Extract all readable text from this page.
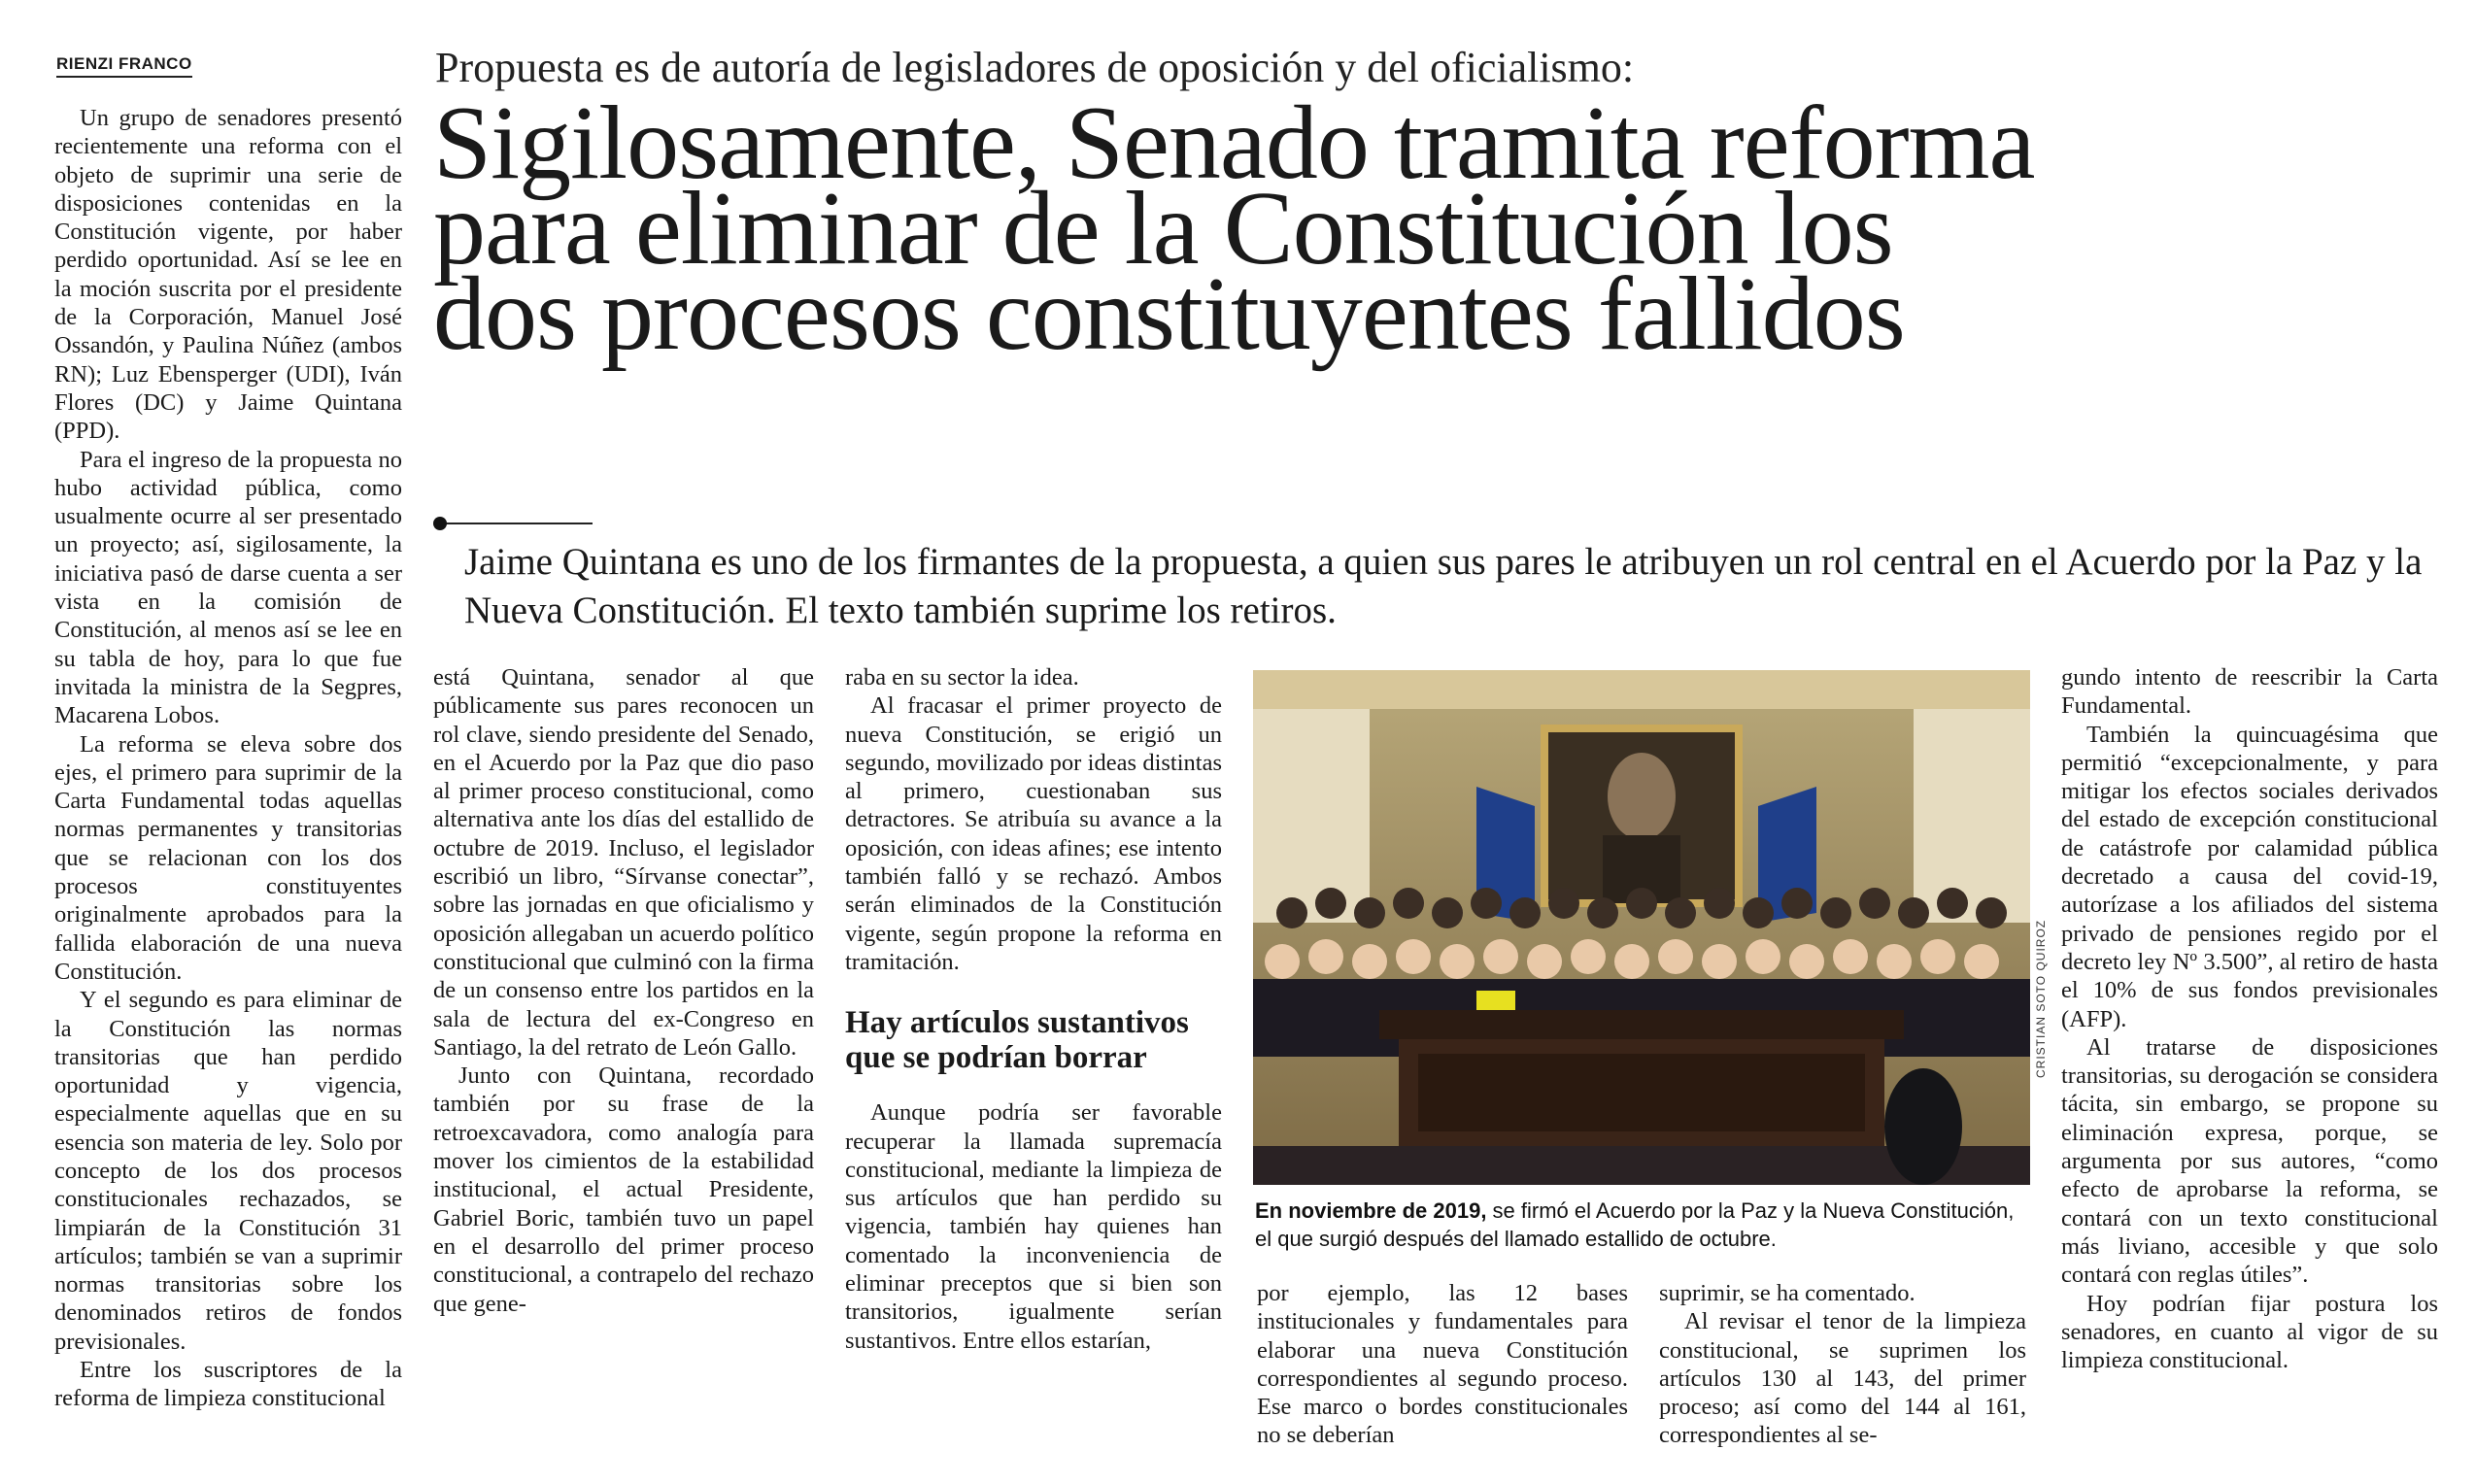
RIENZI FRANCO	Propuesta es de autoría de legisladores de oposición y del oficialismo:
Sigilosamente, Senado tramita reforma
para eliminar de la Constitución los
dos procesos constituyentes fallidos
Jaime Quintana es uno de los firmantes de la propuesta, a quien sus pares le atribuyen un rol central en el Acuerdo por la Paz y la Nueva Constitución. El texto también suprime los retiros.

Un grupo de senadores presentó recientemente una reforma con el objeto de suprimir una serie de disposiciones contenidas en la Constitución vigente, por haber perdido oportunidad. Así se lee en la moción suscrita por el presidente de la Corporación, Manuel José Ossandón, y Paulina Núñez (ambos RN); Luz Ebensperger (UDI), Iván Flores (DC) y Jaime Quintana (PPD).

Para el ingreso de la propuesta no hubo actividad pública, como usualmente ocurre al ser presentado un proyecto; así, sigilosamente, la iniciativa pasó de darse cuenta a ser vista en la comisión de Constitución, al menos así se lee en su tabla de hoy, para lo que fue invitada la ministra de la Segpres, Macarena Lobos.

La reforma se eleva sobre dos ejes, el primero para suprimir de la Carta Fundamental todas aquellas normas permanentes y transitorias que se relacionan con los dos procesos constituyentes originalmente aprobados para la fallida elaboración de una nueva Constitución.

Y el segundo es para eliminar de la Constitución las normas transitorias que han perdido oportunidad y vigencia, especialmente aquellas que en su esencia son materia de ley. Solo por concepto de los dos procesos constitucionales rechazados, se limpiarán de la Constitución 31 artículos; también se van a suprimir normas transitorias sobre los denominados retiros de fondos previsionales.

Entre los suscriptores de la reforma de limpieza constitucional

está Quintana, senador al que públicamente sus pares reconocen un rol clave, siendo presidente del Senado, en el Acuerdo por la Paz que dio paso al primer proceso constitucional, como alternativa ante los días del estallido de octubre de 2019. Incluso, el legislador escribió un libro, “Sírvanse conectar”, sobre las jornadas en que oficialismo y oposición allegaban un acuerdo político constitucional que culminó con la firma de un consenso entre los partidos en la sala de lectura del ex-Congreso en Santiago, la del retrato de León Gallo.

Junto con Quintana, recordado también por su frase de la retroexcavadora, como analogía para mover los cimientos de la estabilidad institucional, el actual Presidente, Gabriel Boric, también tuvo un papel en el desarrollo del primer proceso constitucional, a contrapelo del rechazo que gene-

raba en su sector la idea.

Al fracasar el primer proyecto de nueva Constitución, se erigió un segundo, movilizado por ideas distintas al primero, cuestionaban sus detractores. Se atribuía su avance a la oposición, con ideas afines; ese intento también falló y se rechazó. Ambos serán eliminados de la Constitución vigente, según propone la reforma en tramitación.

Hay artículos sustantivos que se podrían borrar

Aunque podría ser favorable recuperar la llamada supremacía constitucional, mediante la limpieza de sus artículos que han perdido su vigencia, también hay quienes han comentado la inconveniencia de eliminar preceptos que si bien son transitorios, igualmente serían sustantivos. Entre ellos estarían,

CRISTIAN SOTO QUIROZ
En noviembre de 2019, se firmó el Acuerdo por la Paz y la Nueva Constitución, el que surgió después del llamado estallido de octubre.

por ejemplo, las 12 bases institucionales y fundamentales para elaborar una nueva Constitución correspondientes al segundo proceso. Ese marco o bordes constitucionales no se deberían

suprimir, se ha comentado.

Al revisar el tenor de la limpieza constitucional, se suprimen los artículos 130 al 143, del primer proceso; así como del 144 al 161, correspondientes al se-

gundo intento de reescribir la Carta Fundamental.

También la quincuagésima que permitió “excepcionalmente, y para mitigar los efectos sociales derivados del estado de excepción constitucional de catástrofe por calamidad pública decretado a causa del covid-19, autorízase a los afiliados del sistema privado de pensiones regido por el decreto ley Nº 3.500”, al retiro de hasta el 10% de sus fondos previsionales (AFP).

Al tratarse de disposiciones transitorias, su derogación se considera tácita, sin embargo, se propone su eliminación expresa, porque, se argumenta por sus autores, “como efecto de aprobarse la reforma, se contará con un texto constitucional más liviano, accesible y que solo contará con reglas útiles”.

Hoy podrían fijar postura los senadores, en cuanto al vigor de su limpieza constitucional.
